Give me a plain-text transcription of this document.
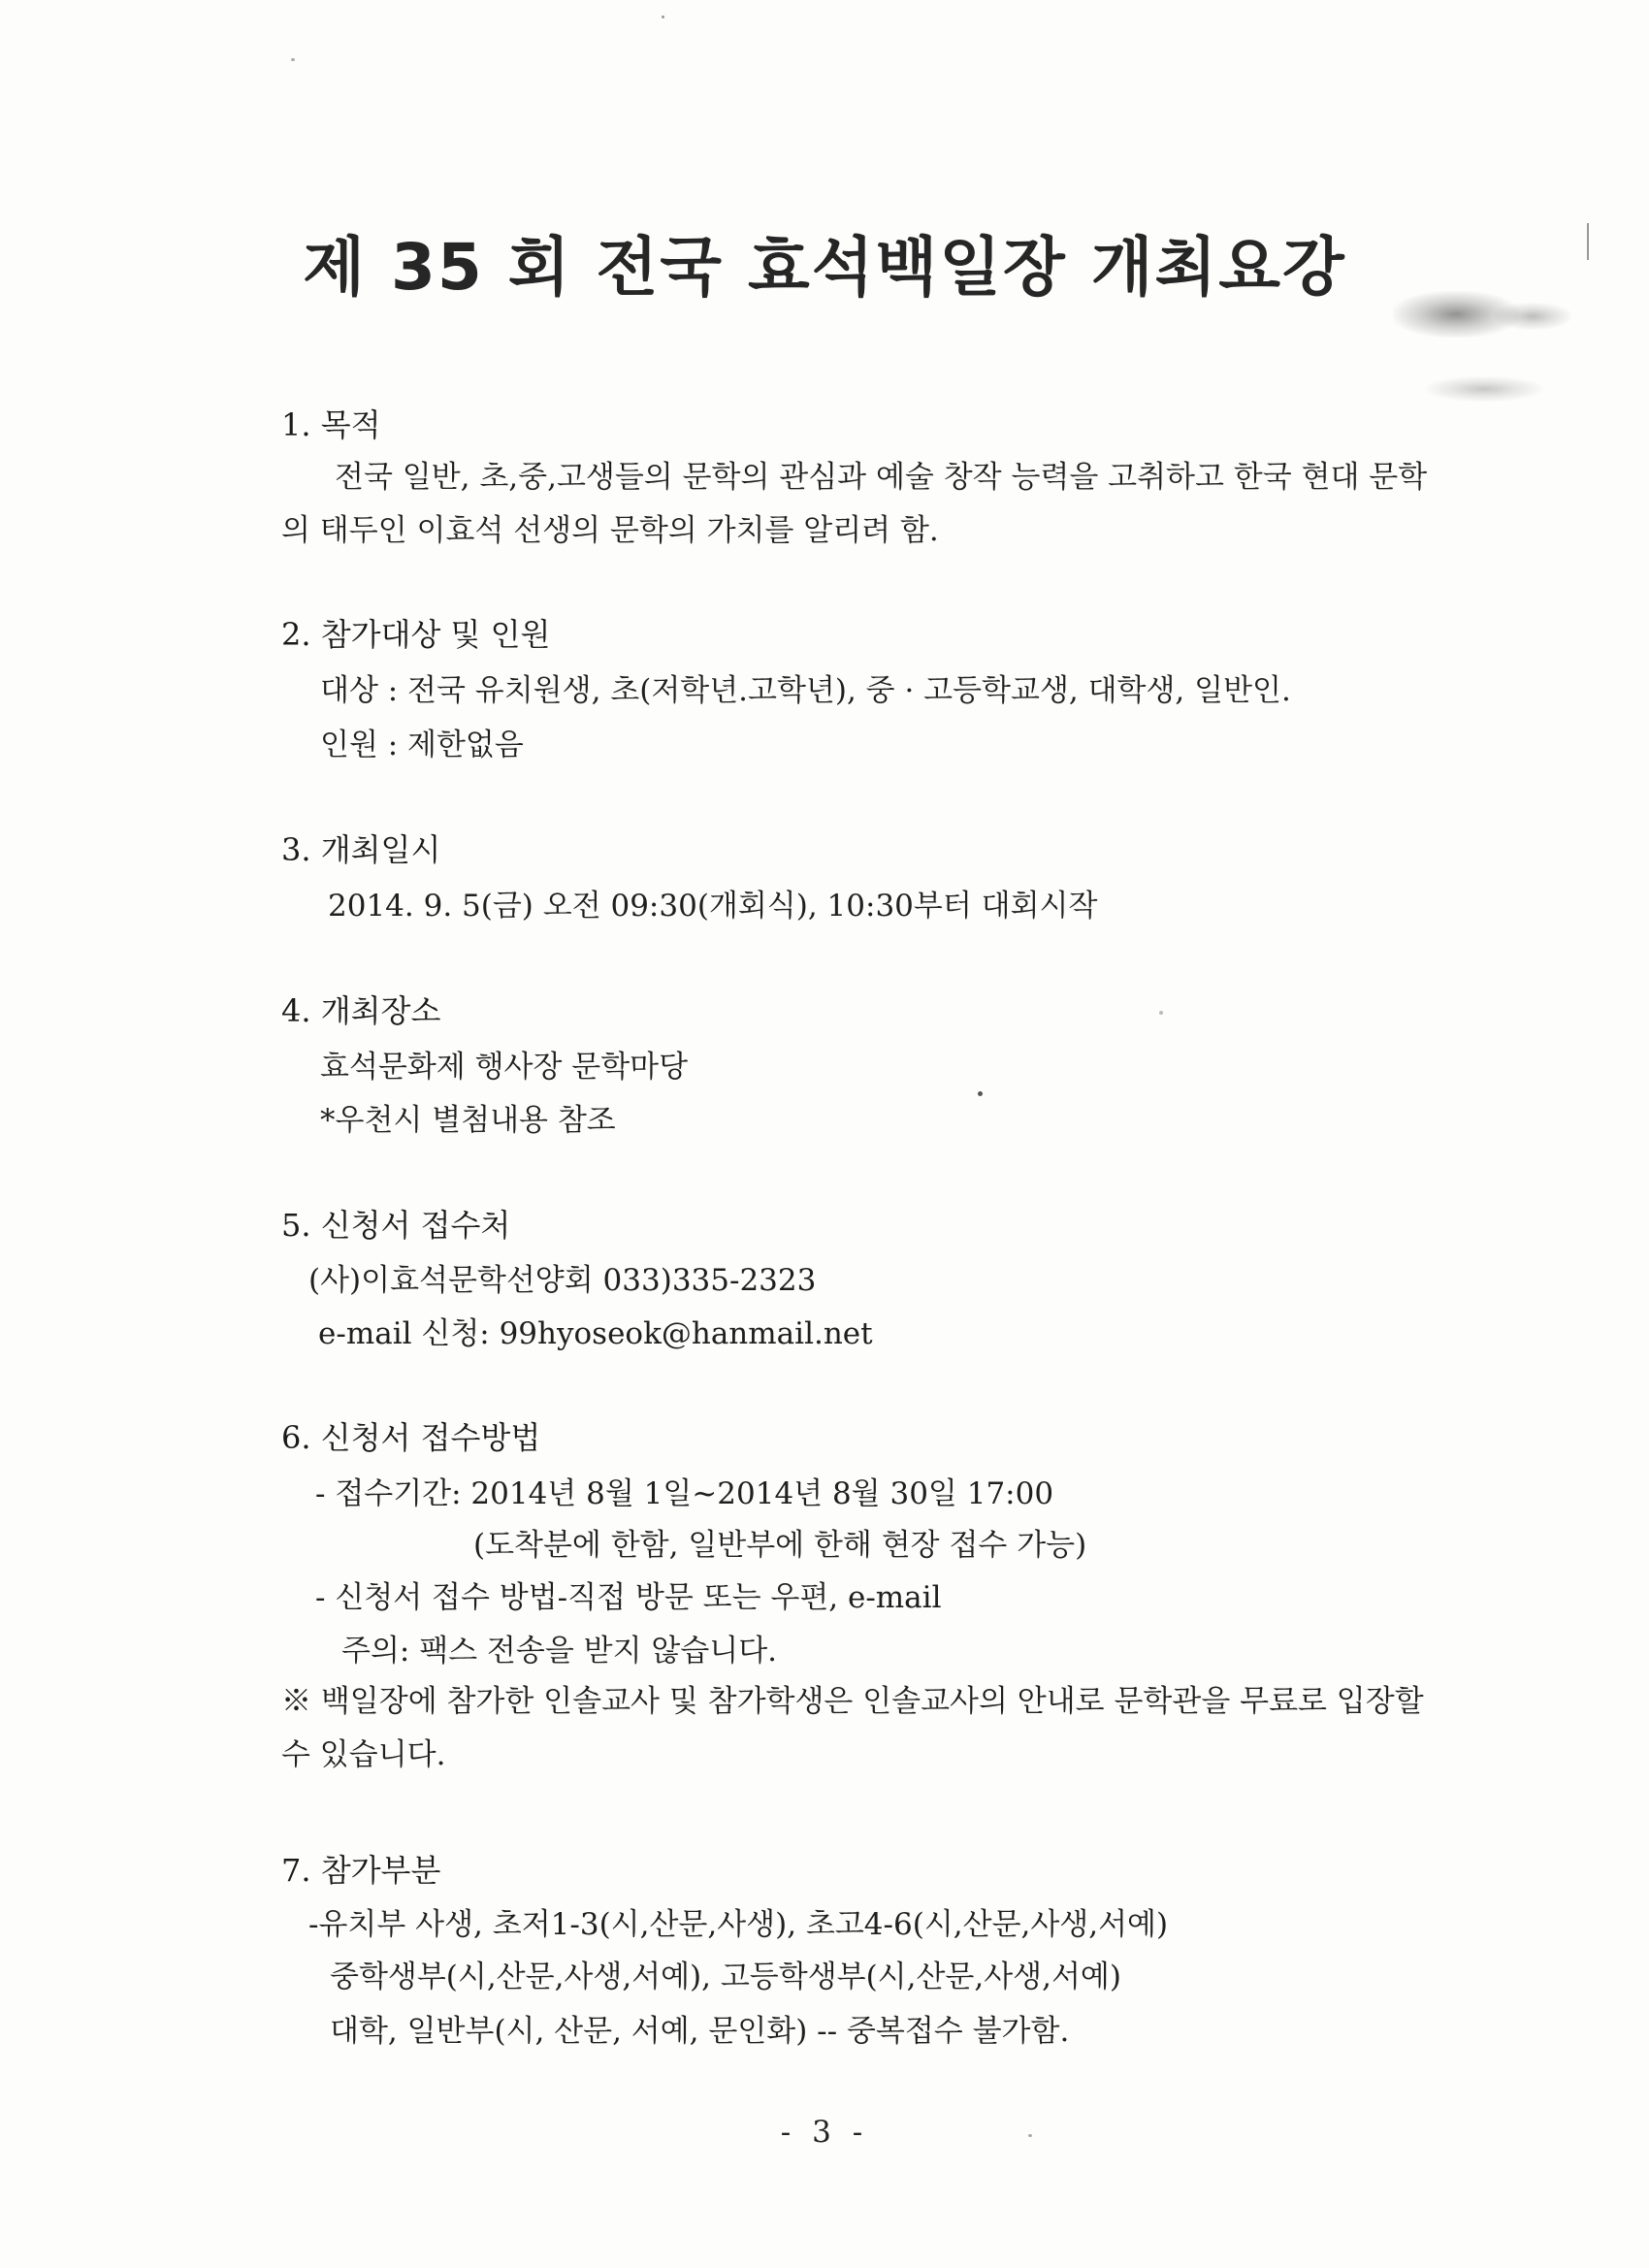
제 35 회 전국 효석백일장 개최요강

1. 목적

전국 일반, 초,중,고생들의 문학의 관심과 예술 창작 능력을 고취하고 한국 현대 문학

의 태두인 이효석 선생의 문학의 가치를 알리려 함.

2. 참가대상 및 인원

대상 : 전국 유치원생, 초(저학년.고학년), 중 · 고등학교생, 대학생, 일반인.

인원 : 제한없음

3. 개최일시

2014. 9. 5(금) 오전 09:30(개회식), 10:30부터 대회시작

4. 개최장소

효석문화제 행사장 문학마당

*우천시 별첨내용 참조

5. 신청서 접수처

(사)이효석문학선양회 033)335-2323

e-mail 신청: 99hyoseok@hanmail.net

6. 신청서 접수방법

- 접수기간: 2014년 8월 1일~2014년 8월 30일 17:00

(도착분에 한함, 일반부에 한해 현장 접수 가능)

- 신청서 접수 방법-직접 방문 또는 우편, e-mail

주의: 팩스 전송을 받지 않습니다.

※ 백일장에 참가한 인솔교사 및 참가학생은 인솔교사의 안내로 문학관을 무료로 입장할

수 있습니다.

7. 참가부분

-유치부 사생, 초저1-3(시,산문,사생), 초고4-6(시,산문,사생,서예)

중학생부(시,산문,사생,서예), 고등학생부(시,산문,사생,서예)

대학, 일반부(시, 산문, 서예, 문인화) -- 중복접수 불가함.

- 3 -
